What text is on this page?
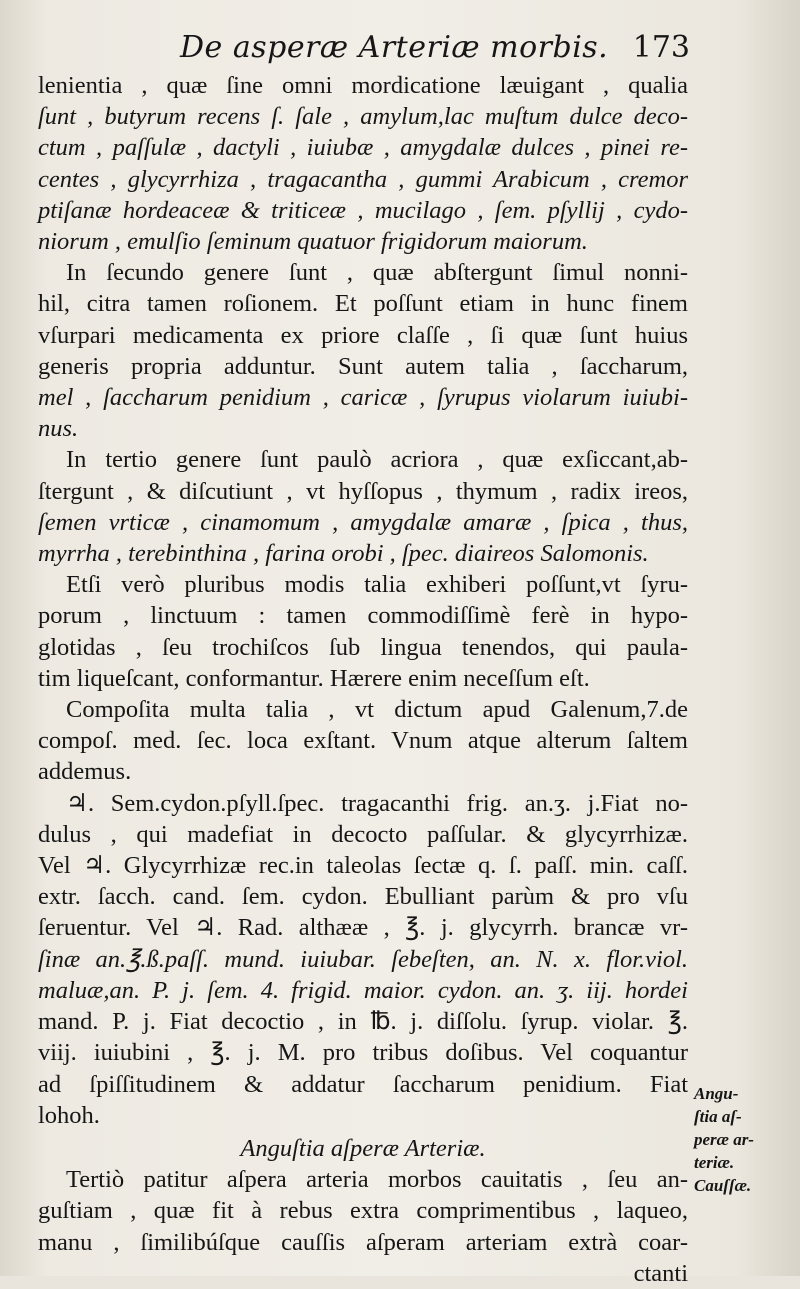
De asperæ Arteriæ morbis. 173
lenientia , quæ ſine omni mordicatione læuigant , qualia
ſunt , butyrum recens ſ. ſale , amylum,lac muſtum dulce deco-
ctum , paſſulæ , dactyli , iuiubæ , amygdalæ dulces , pinei re-
centes , glycyrrhiza , tragacantha , gummi Arabicum , cremor
ptiſanæ hordeaceæ & triticeæ , mucilago , ſem. pſyllij , cydo-
niorum , emulſio ſeminum quatuor frigidorum maiorum.
In ſecundo genere ſunt , quæ abſtergunt ſimul nonni-
hil, citra tamen roſionem. Et poſſunt etiam in hunc finem
vſurpari medicamenta ex priore claſſe , ſi quæ ſunt huius
generis propria adduntur. Sunt autem talia , ſaccharum,
mel , ſaccharum penidium , caricæ , ſyrupus violarum iuiubi-
nus.
In tertio genere ſunt paulò acriora , quæ exſiccant,ab-
ſtergunt , & diſcutiunt , vt hyſſopus , thymum , radix ireos,
ſemen vrticæ , cinamomum , amygdalæ amaræ , ſpica , thus,
myrrha , terebinthina , farina orobi , ſpec. diaireos Salomonis.
Etſi verò pluribus modis talia exhiberi poſſunt,vt ſyru-
porum , linctuum : tamen commodiſſimè ferè in hypo-
glotidas , ſeu trochiſcos ſub lingua tenendos, qui paula-
tim liqueſcant, conformantur. Hærere enim neceſſum eſt.
Compoſita multa talia , vt dictum apud Galenum,7.de
compoſ. med. ſec. loca exſtant. Vnum atque alterum ſaltem
addemus.
♃. Sem.cydon.pſyll.ſpec. tragacanthi frig. an.ʒ. j.Fiat no-
dulus , qui madefiat in decocto paſſular. & glycyrrhizæ.
Vel ♃. Glycyrrhizæ rec.in taleolas ſectæ q. ſ. paſſ. min. caſſ.
extr. ſacch. cand. ſem. cydon. Ebulliant parùm & pro vſu
ſeruentur. Vel ♃. Rad. althææ , ℥. j. glycyrrh. brancæ vr-
ſinæ an.℥.ß.paſſ. mund. iuiubar. ſebeſten, an. N. x. flor.viol.
maluæ,an. P. j. ſem. 4. frigid. maior. cydon. an. ʒ. iij. hordei
mand. P. j. Fiat decoctio , in ℔. j. diſſolu. ſyrup. violar. ℥.
viij. iuiubini , ℥. j. M. pro tribus doſibus. Vel coquantur
ad ſpiſſitudinem & addatur ſaccharum penidium. Fiat
lohoh.
Anguſtia aſperæ Arteriæ.
Tertiò patitur aſpera arteria morbos cauitatis , ſeu an-
guſtiam , quæ fit à rebus extra comprimentibus , laqueo,
manu , ſimilibúſque cauſſis aſperam arteriam extrà coar-
ctanti
Angu-
ſtia aſ-
peræ ar-
teriæ.
Cauſſæ.
